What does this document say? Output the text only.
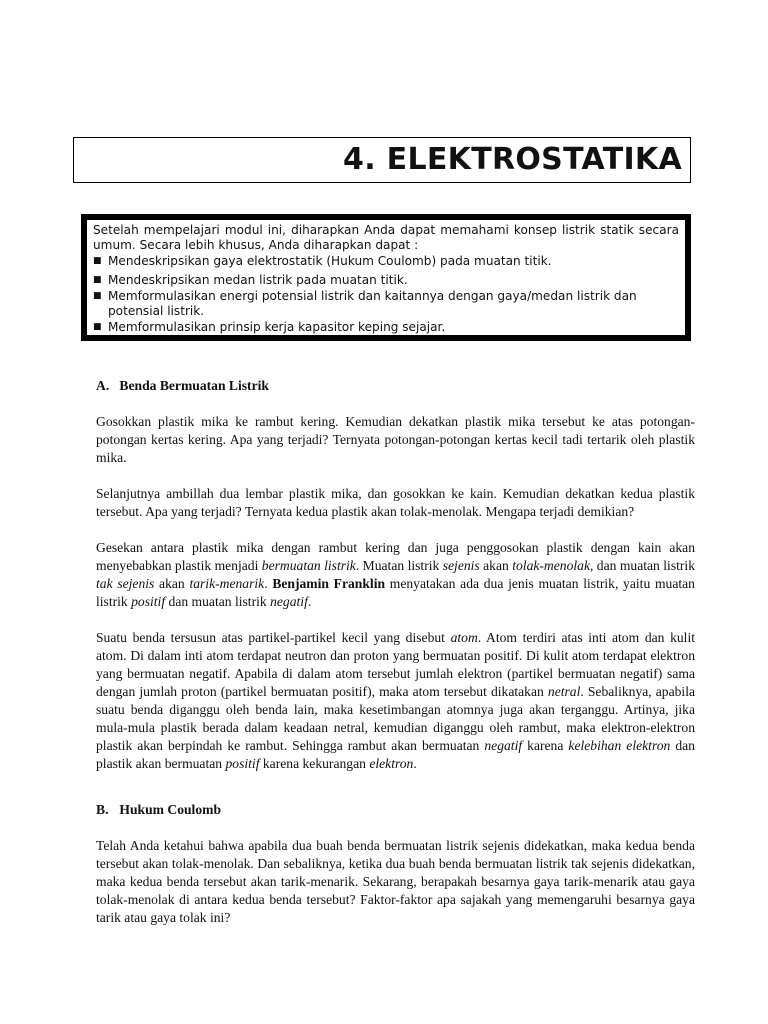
4. ELEKTROSTATIKA

Setelah mempelajari modul ini, diharapkan Anda dapat memahami konsep listrik statik secara umum. Secara lebih khusus, Anda diharapkan dapat :

■ Mendeskripsikan gaya elektrostatik (Hukum Coulomb) pada muatan titik.
■ Mendeskripsikan medan listrik pada muatan titik.
■ Memformulasikan energi potensial listrik dan kaitannya dengan gaya/medan listrik dan potensial listrik.
■ Memformulasikan prinsip kerja kapasitor keping sejajar.
A. Benda Bermuatan Listrik

Gosokkan plastik mika ke rambut kering. Kemudian dekatkan plastik mika tersebut ke atas potongan-potongan kertas kering. Apa yang terjadi? Ternyata potongan-potongan kertas kecil tadi tertarik oleh plastik mika.

Selanjutnya ambillah dua lembar plastik mika, dan gosokkan ke kain. Kemudian dekatkan kedua plastik tersebut. Apa yang terjadi? Ternyata kedua plastik akan tolak-menolak. Mengapa terjadi demikian?

Gesekan antara plastik mika dengan rambut kering dan juga penggosokan plastik dengan kain akan menyebabkan plastik menjadi bermuatan listrik. Muatan listrik sejenis akan tolak-menolak, dan muatan listrik tak sejenis akan tarik-menarik. Benjamin Franklin menyatakan ada dua jenis muatan listrik, yaitu muatan listrik positif dan muatan listrik negatif.

Suatu benda tersusun atas partikel-partikel kecil yang disebut atom. Atom terdiri atas inti atom dan kulit atom. Di dalam inti atom terdapat neutron dan proton yang bermuatan positif. Di kulit atom terdapat elektron yang bermuatan negatif. Apabila di dalam atom tersebut jumlah elektron (partikel bermuatan negatif) sama dengan jumlah proton (partikel bermuatan positif), maka atom tersebut dikatakan netral. Sebaliknya, apabila suatu benda diganggu oleh benda lain, maka kesetimbangan atomnya juga akan terganggu. Artinya, jika mula-mula plastik berada dalam keadaan netral, kemudian diganggu oleh rambut, maka elektron-elektron plastik akan berpindah ke rambut. Sehingga rambut akan bermuatan negatif karena kelebihan elektron dan plastik akan bermuatan positif karena kekurangan elektron.

B. Hukum Coulomb

Telah Anda ketahui bahwa apabila dua buah benda bermuatan listrik sejenis didekatkan, maka kedua benda tersebut akan tolak-menolak. Dan sebaliknya, ketika dua buah benda bermuatan listrik tak sejenis didekatkan, maka kedua benda tersebut akan tarik-menarik. Sekarang, berapakah besarnya gaya tarik-menarik atau gaya tolak-menolak di antara kedua benda tersebut? Faktor-faktor apa sajakah yang memengaruhi besarnya gaya tarik atau gaya tolak ini?
